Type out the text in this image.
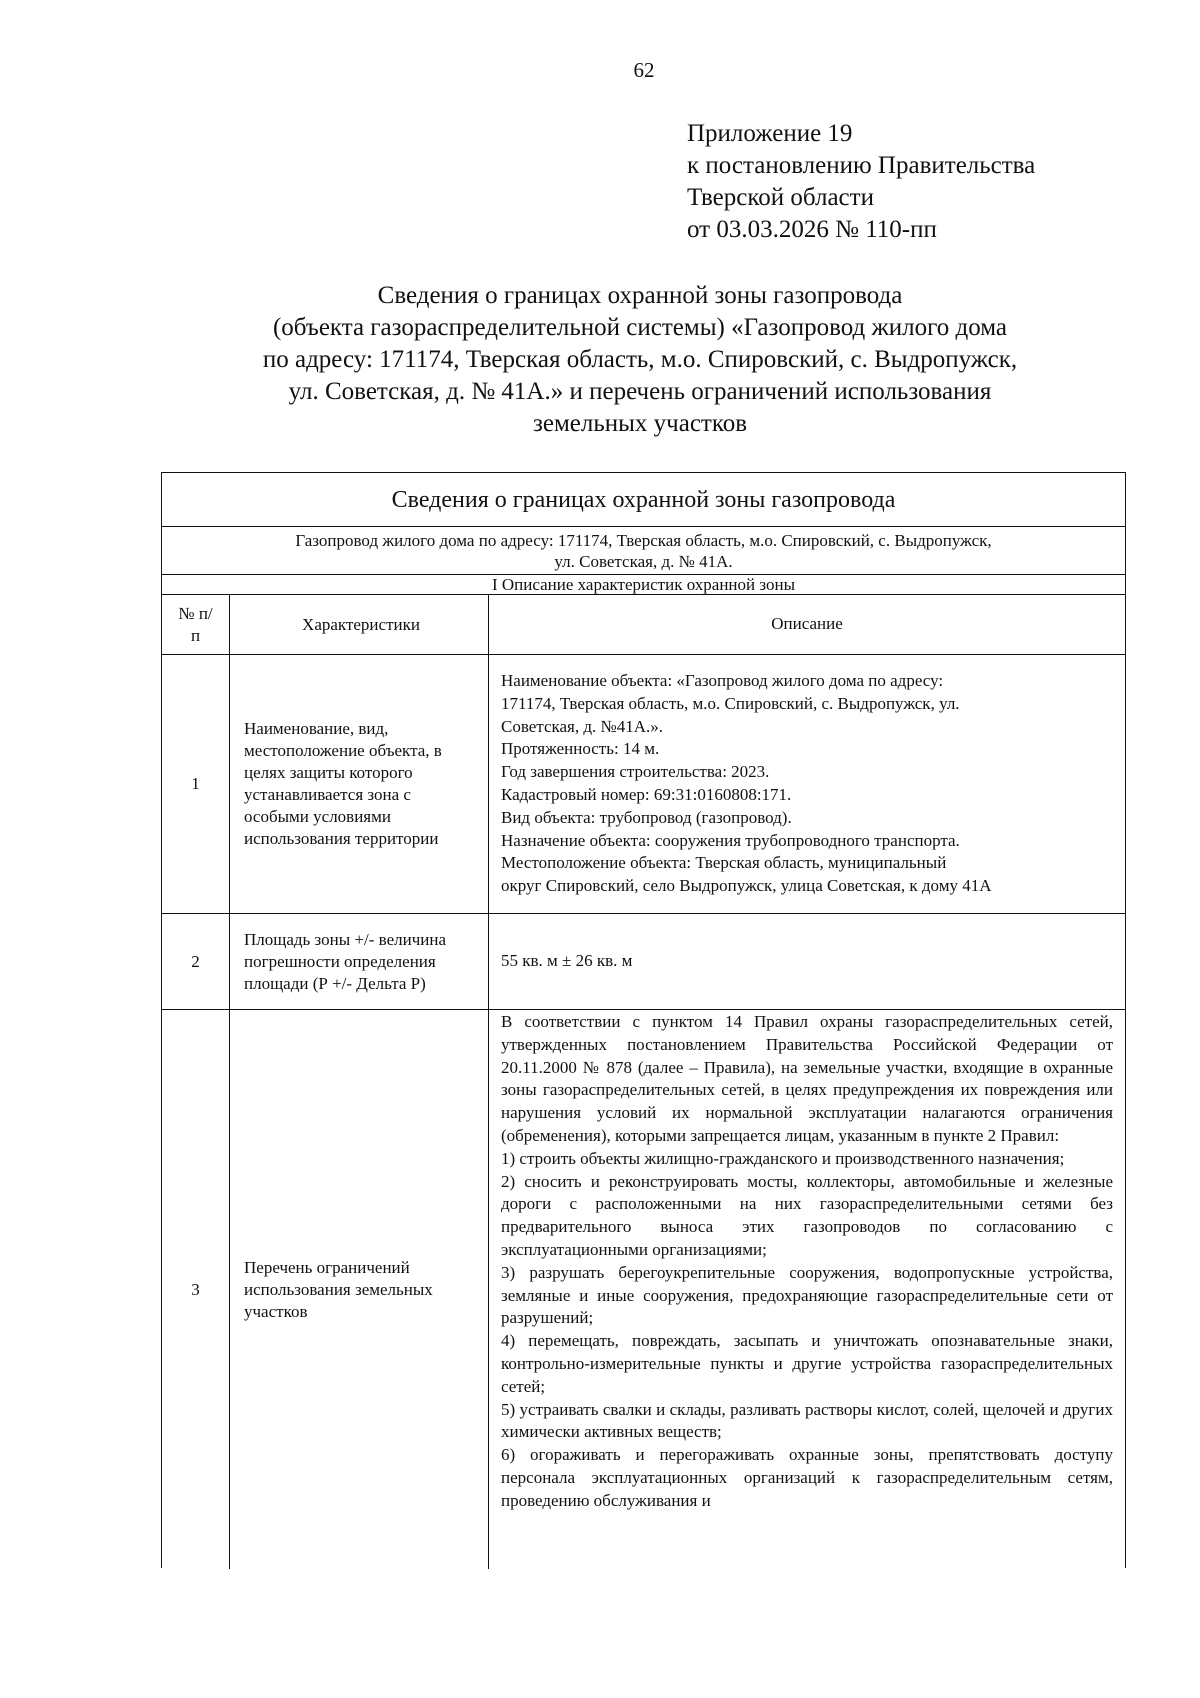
62
Приложение 19
к постановлению Правительства
Тверской области
от 03.03.2026 № 110-пп
Сведения о границах охранной зоны газопровода
(объекта газораспределительной системы) «Газопровод жилого дома
по адресу: 171174, Тверская область, м.о. Спировский, с. Выдропужск,
ул. Советская, д. № 41А.» и перечень ограничений использования
земельных участков
Сведения о границах охранной зоны газопровода
Газопровод жилого дома по адресу: 171174, Тверская область, м.о. Спировский, с. Выдропужск,
ул. Советская, д. № 41А.
I Описание характеристик охранной зоны
№ п/п
Характеристики	Описание
1
Наименование, вид, местоположение объекта, в целях защиты которого устанавливается зона с особыми условиями использования территории
Наименование объекта: «Газопровод жилого дома по адресу:
171174, Тверская область, м.о. Спировский, с. Выдропужск, ул.
Советская, д. №41А.».
Протяженность: 14 м.
Год завершения строительства: 2023.
Кадастровый номер: 69:31:0160808:171.
Вид объекта: трубопровод (газопровод).
Назначение объекта: сооружения трубопроводного транспорта.
Местоположение объекта: Тверская область, муниципальный
округ Спировский, село Выдропужск, улица Советская, к дому 41А
2
Площадь зоны +/- величина погрешности определения площади (Р +/- Дельта Р)
55 кв. м ± 26 кв. м
3
Перечень ограничений использования земельных участков
В соответствии с пунктом 14 Правил охраны газораспределительных сетей, утвержденных постановлением Правительства Российской Федерации от 20.11.2000 № 878 (далее – Правила), на земельные участки, входящие в охранные зоны газораспределительных сетей, в целях предупреждения их повреждения или нарушения условий их нормальной эксплуатации налагаются ограничения (обременения), которыми запрещается лицам, указанным в пункте 2 Правил:
1) строить объекты жилищно-гражданского и производственного назначения;
2) сносить и реконструировать мосты, коллекторы, автомобильные и железные дороги с расположенными на них газораспределительными сетями без предварительного выноса этих газопроводов по согласованию с эксплуатационными организациями;
3) разрушать берегоукрепительные сооружения, водопропускные устройства, земляные и иные сооружения, предохраняющие газораспределительные сети от разрушений;
4) перемещать, повреждать, засыпать и уничтожать опознавательные знаки, контрольно-измерительные пункты и другие устройства газораспределительных сетей;
5) устраивать свалки и склады, разливать растворы кислот, солей, щелочей и других химически активных веществ;
6) огораживать и перегораживать охранные зоны, препятствовать доступу персонала эксплуатационных организаций к газораспределительным сетям, проведению обслуживания и
